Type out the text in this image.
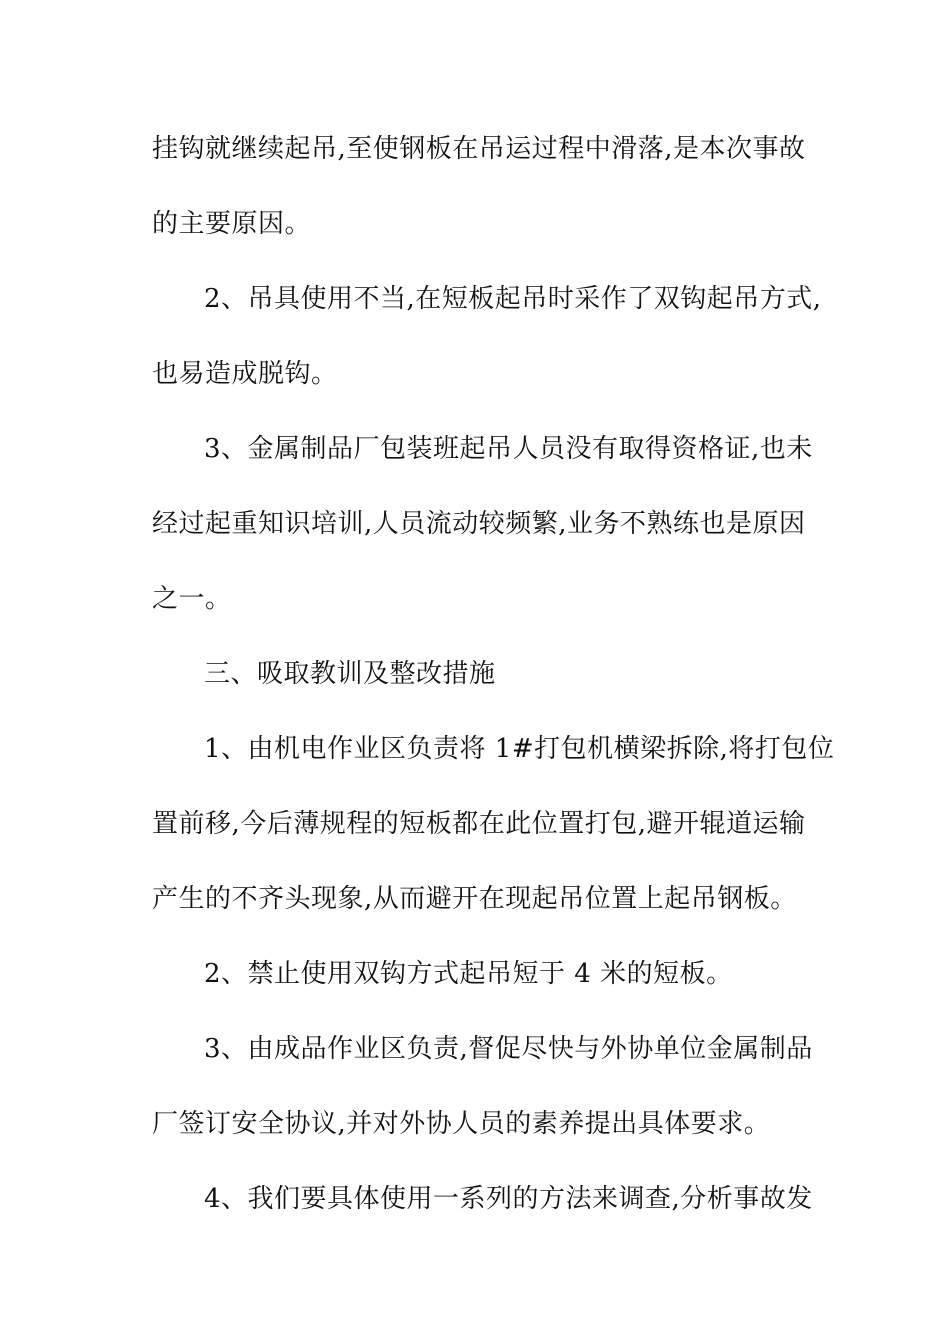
挂钩就继续起吊,至使钢板在吊运过程中滑落,是本次事故

的主要原因。

2、吊具使用不当,在短板起吊时采作了双钩起吊方式,

也易造成脱钩。

3、金属制品厂包装班起吊人员没有取得资格证,也未

经过起重知识培训,人员流动较频繁,业务不熟练也是原因

之一。

三、吸取教训及整改措施

1、由机电作业区负责将 1#打包机横梁拆除,将打包位

置前移,今后薄规程的短板都在此位置打包,避开辊道运输

产生的不齐头现象,从而避开在现起吊位置上起吊钢板。

2、禁止使用双钩方式起吊短于 4 米的短板。

3、由成品作业区负责,督促尽快与外协单位金属制品

厂签订安全协议,并对外协人员的素养提出具体要求。

4、我们要具体使用一系列的方法来调查,分析事故发
